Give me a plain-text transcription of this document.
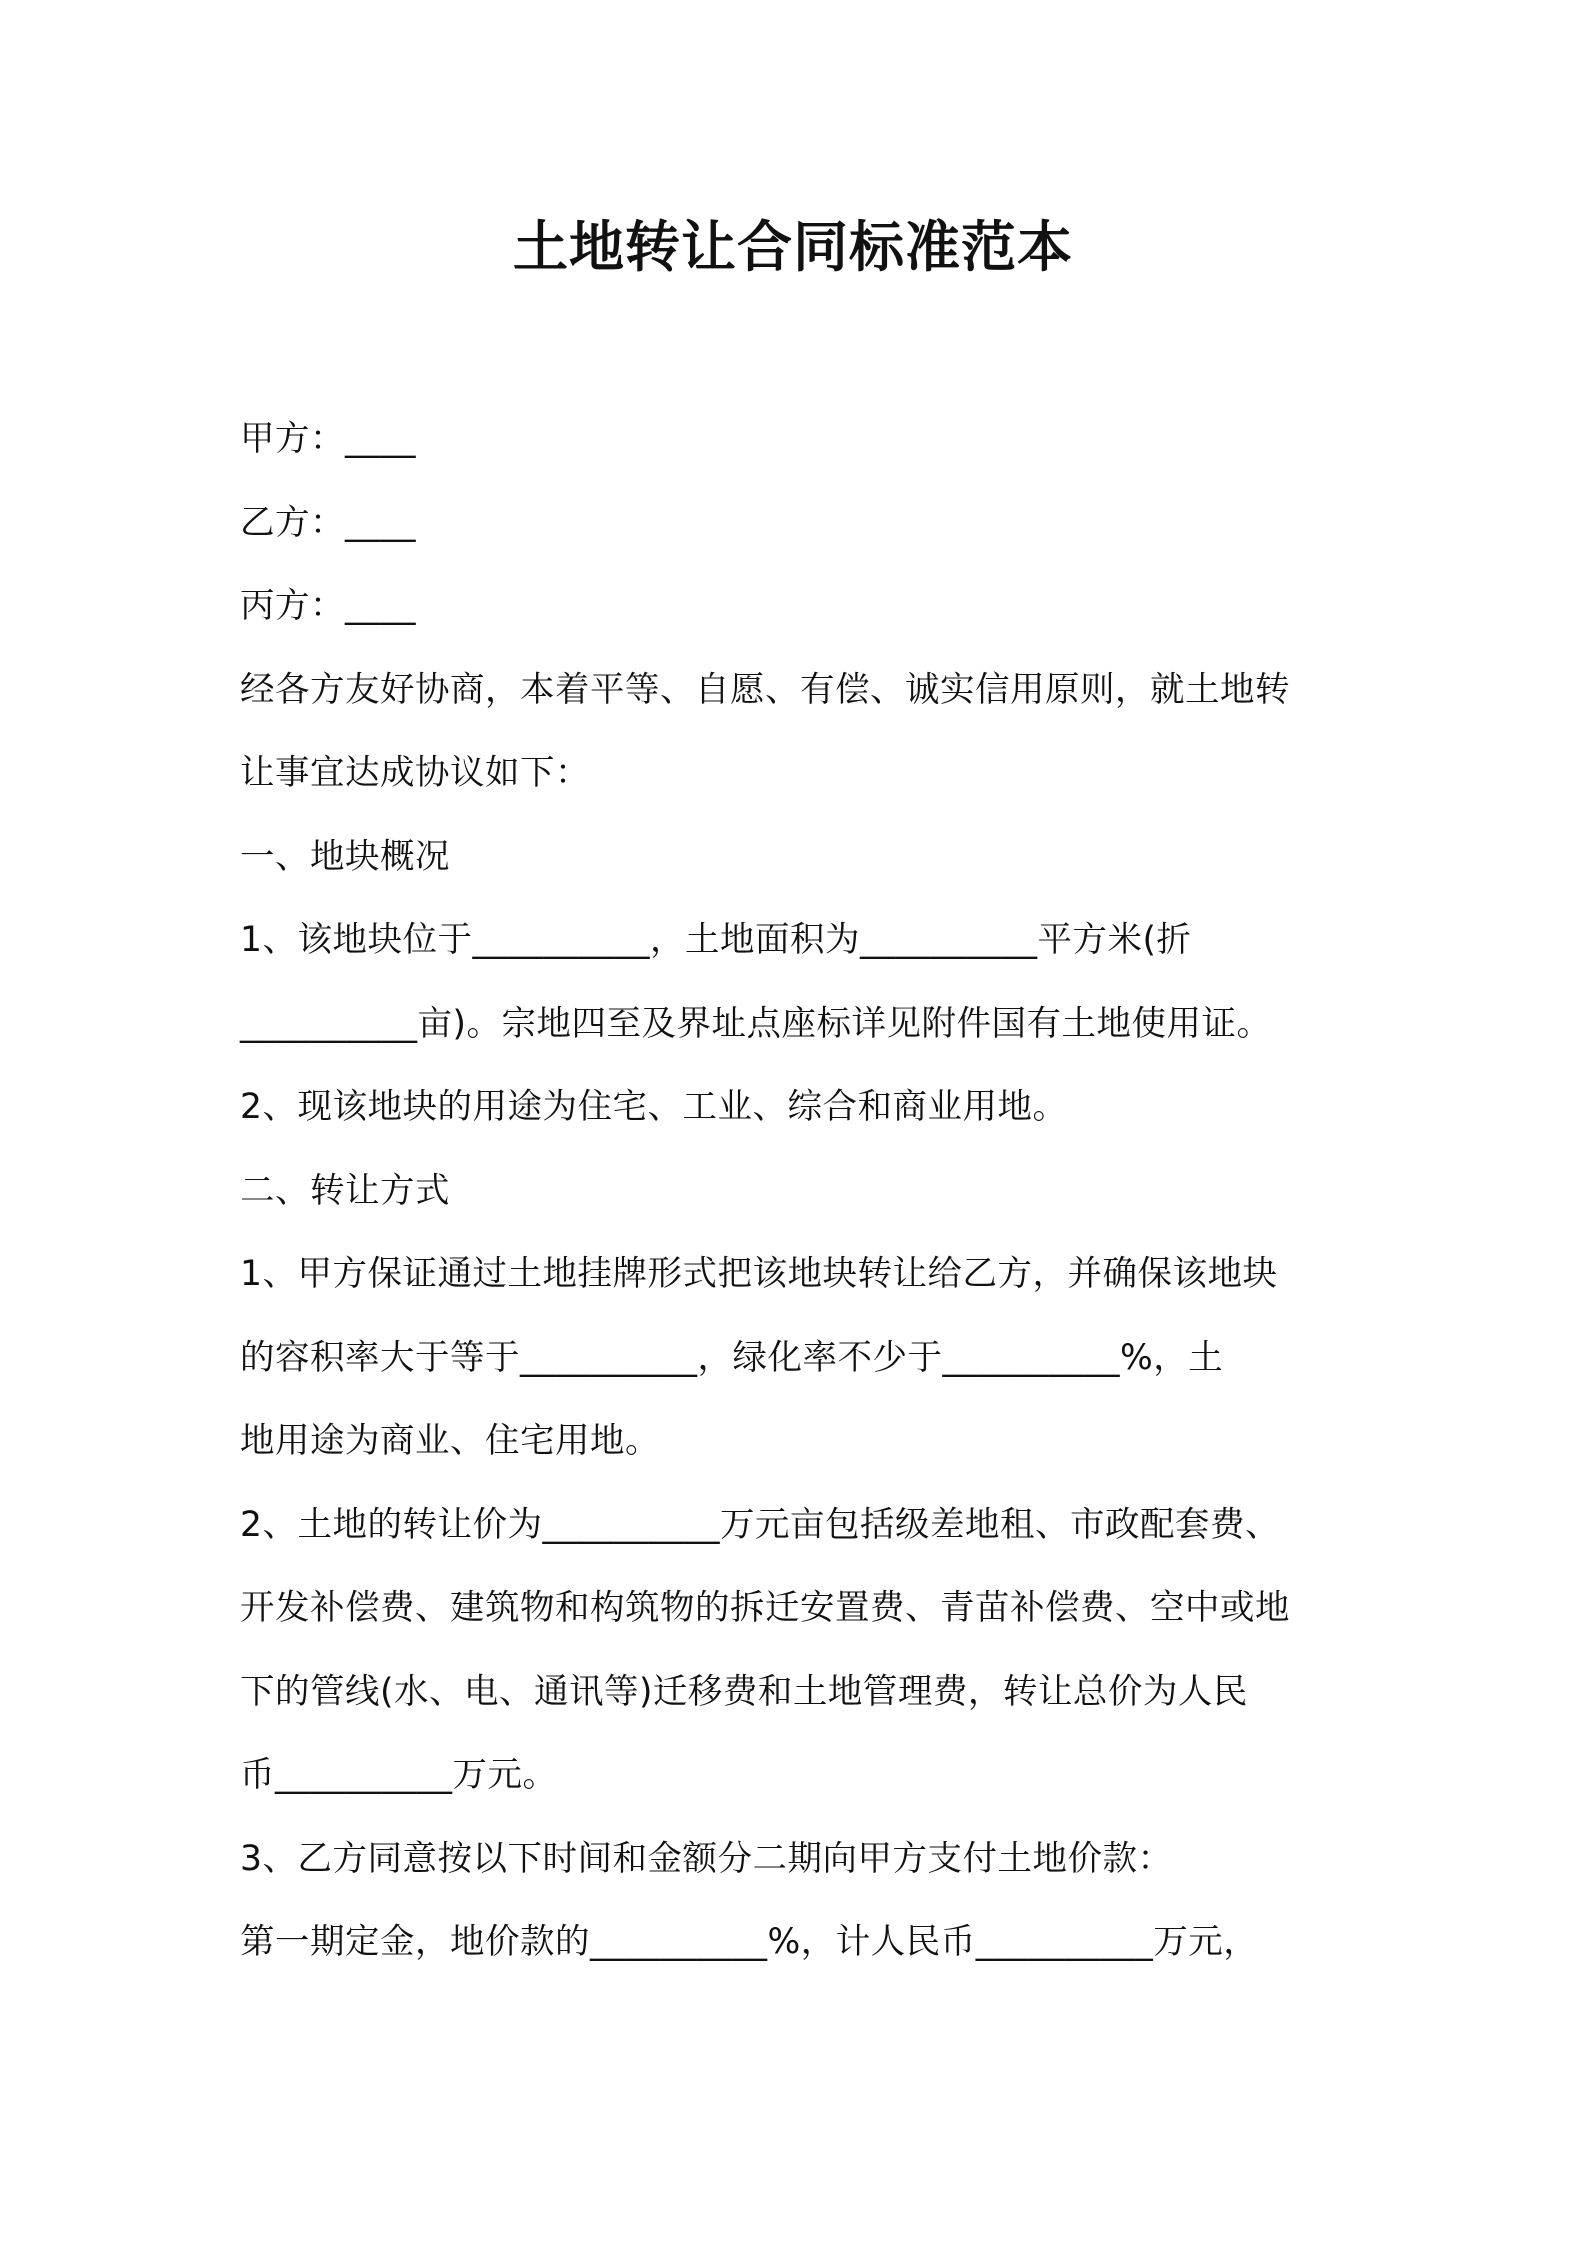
土地转让合同标准范本
甲方：____
乙方：____
丙方：____
经各方友好协商，本着平等、自愿、有偿、诚实信用原则，就土地转
让事宜达成协议如下：
一、地块概况
1、该地块位于__________，土地面积为__________平方米(折
__________亩)。宗地四至及界址点座标详见附件国有土地使用证。
2、现该地块的用途为住宅、工业、综合和商业用地。
二、转让方式
1、甲方保证通过土地挂牌形式把该地块转让给乙方，并确保该地块
的容积率大于等于__________，绿化率不少于__________%，土
地用途为商业、住宅用地。
2、土地的转让价为__________万元亩包括级差地租、市政配套费、
开发补偿费、建筑物和构筑物的拆迁安置费、青苗补偿费、空中或地
下的管线(水、电、通讯等)迁移费和土地管理费，转让总价为人民
币__________万元。
3、乙方同意按以下时间和金额分二期向甲方支付土地价款：
第一期定金，地价款的__________%，计人民币__________万元，
